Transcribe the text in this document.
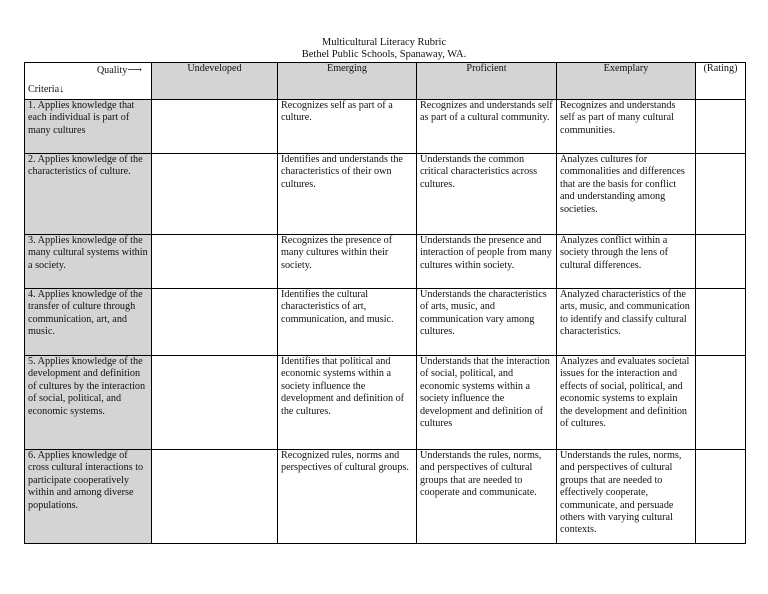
Multicultural Literacy Rubric
Bethel Public Schools, Spanaway, WA.
Quality⟶
Criteria↓	Undeveloped	Emerging	Proficient	Exemplary	(Rating)
1. Applies knowledge that each individual is part of many cultures		Recognizes self as part of a culture.	Recognizes and understands self as part of a cultural community.	Recognizes and understands self as part of many cultural communities.	
2. Applies knowledge of the characteristics of culture.		Identifies and understands the characteristics of their own cultures.	Understands the common critical characteristics across cultures.	Analyzes cultures for commonalities and differences that are the basis for conflict and understanding among societies.	
3. Applies knowledge of the many cultural systems within a society.		Recognizes the presence of many cultures within their society.	Understands the presence and interaction of people from many cultures within society.	Analyzes conflict within a society through the lens of cultural differences.	
4. Applies knowledge of the transfer of culture through communication, art, and music.		Identifies the cultural characteristics of art, communication, and music.	Understands the characteristics of arts, music, and communication vary among cultures.	Analyzed characteristics of the arts, music, and communication to identify and classify cultural characteristics.	
5. Applies knowledge of the development and definition of cultures by the interaction of social, political, and economic systems.		Identifies that political and economic systems within a society influence the development and definition of the cultures.	Understands that the interaction of social, political, and economic systems within a society influence the development and definition of cultures	Analyzes and evaluates societal issues for the interaction and effects of social, political, and economic systems to explain the development and definition of cultures.	
6. Applies knowledge of cross cultural interactions to participate cooperatively within and among diverse populations.		Recognized rules, norms and perspectives of cultural groups.	Understands the rules, norms, and perspectives of cultural groups that are needed to cooperate and communicate.	Understands the rules, norms, and perspectives of cultural groups that are needed to effectively cooperate, communicate, and persuade others with varying cultural contexts.	
